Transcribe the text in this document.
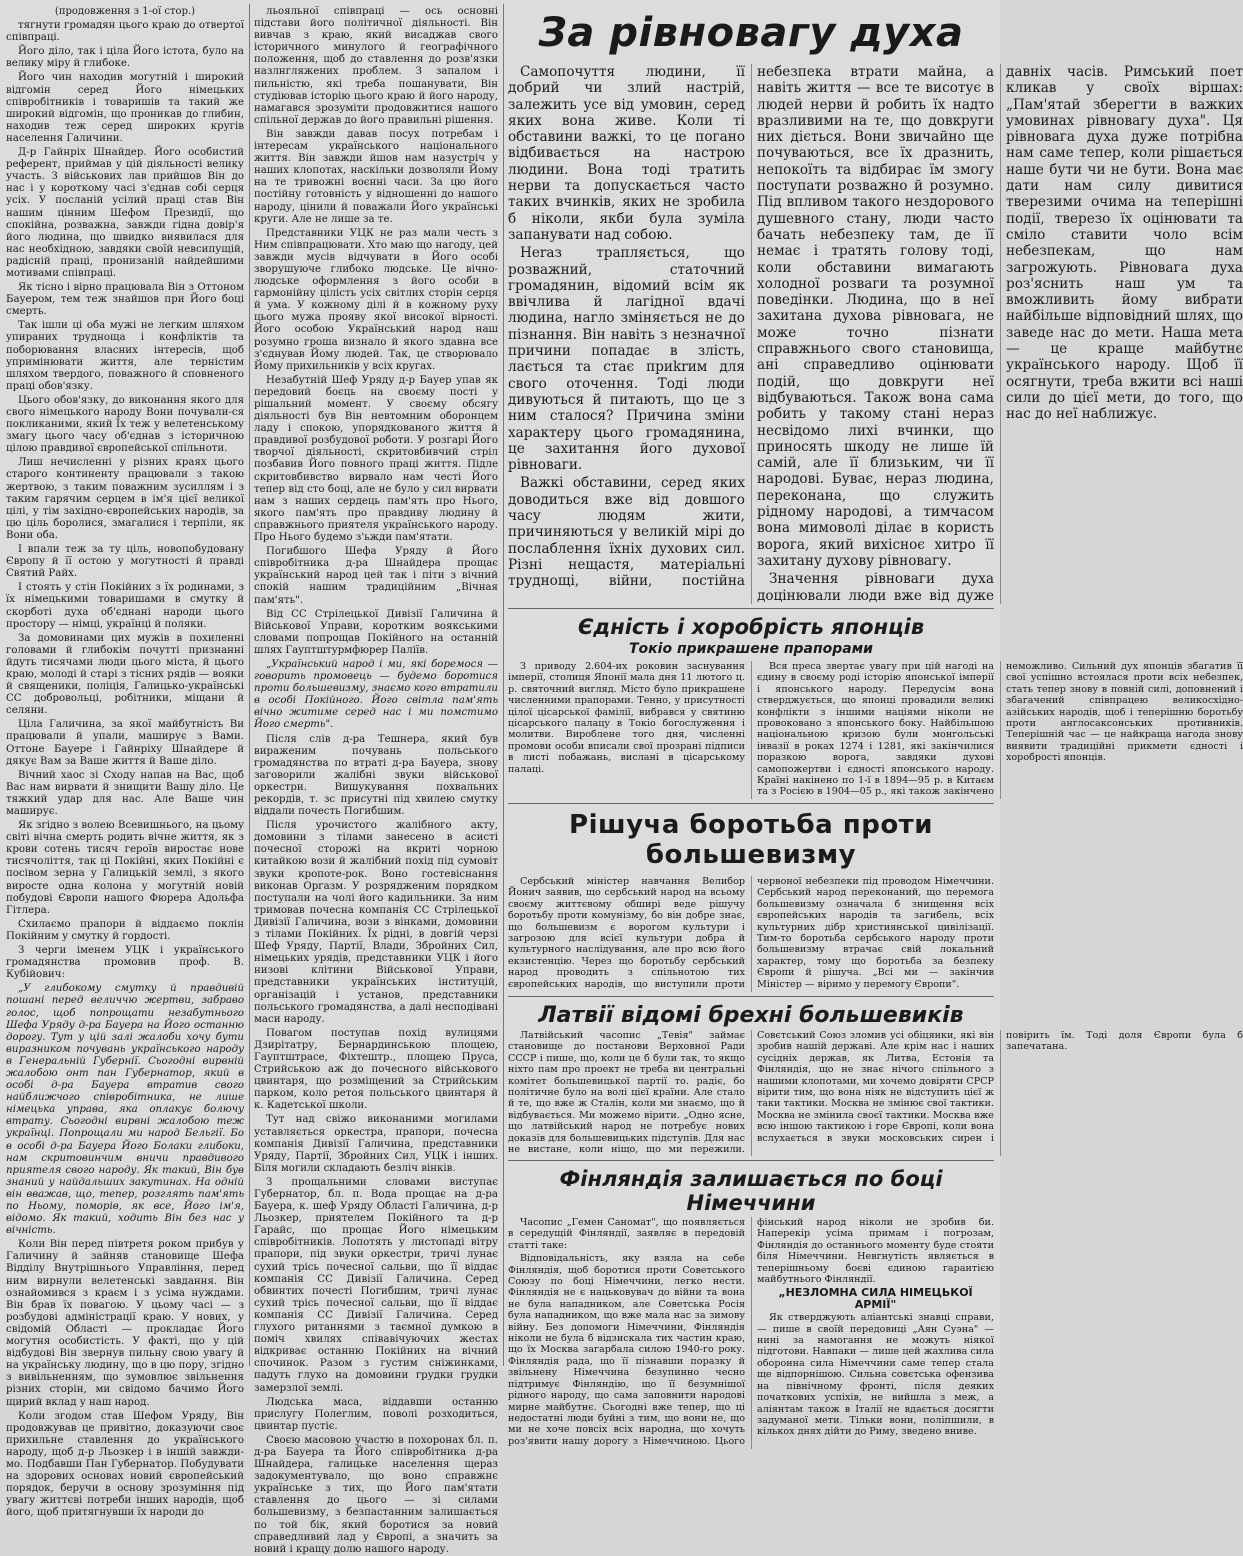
(продовження з 1-ої стор.)

тягнути громадян цього краю до отвертої співпраці.

Його діло, так і ціла Його істота, було на велику міру й глибоке.

Його чин находив могутній і широкий відгомін серед Його німецьких співробітників і товаришів та такий же широкий відгомін, що проникав до глибин, находив теж серед широких кругів населення Галичини.

Д-р Гайнріх Шнайдер. Його особистий референт, приймав у цій діяльності велику участь. З військових лав прийшов Він до нас і у короткому часі з'єднав собі серця усіх. У посланій усілий праці став Він нашим цінним Шефом Президії, що спокійна, розважна, завжди гідна довір'я його людина, що швидко виявилася для нас необхідною, завдяки своїй невсипущій, радісній праці, пронизаній найдейшими мотивами співпраці.

Як тісно і вірно працювала Він з Оттоном Бауером, тем теж знайшов при Його боці смерть.

Так ішли ці оба мужі не легким шляхом упираних трудноща і конфліктів та поборювання власних інтересів, щоб упримінювати життя, але терністим шляхом твердого, поважного й сповненого праці обов'язку.

Цього обов'язку, до виконання якого для свого німецького народу Вони почували-ся покликаними, який Їх теж у велетенському змагу цього часу об'єднав з історичною цілою правдивої європейської спільноти.

Лиш нечисленні у різних краях цього старого континенту працювали з такою жертвою, з таким поважним зусиллям і з таким гарячим серцем в ім'я цієї великої цілі, у тім західно-європейських народів, за цю ціль боролися, змагалися і терпіли, як Вони оба.

І впали теж за ту ціль, новопобудовану Європу й її остою у могутності й правді Святий Райх.

І стоять у стін Покійних з їх родинами, з їх німецькими товаришами в смутку й скорботі духа об'єднані народи цього простору — німці, українці й поляки.

За домовинами цих мужів в похиленні головами й глибокім почутті признанні йдуть тисячами люди цього міста, й цього краю, молоді й старі з тісних рядів — вояки й священики, поліція, Галицько-українські СС добровольці, робітники, міщани й селяни.

Ціла Галичина, за якої майбутність Ви працювали й упали, маширує з Вами. Оттоне Бауере і Гайнріху Шнайдере й дякує Вам за Ваше життя й Ваше діло.

Вічний хаос зі Сходу напав на Вас, щоб Вас нам вирвати й знищити Вашу діло. Це тяжкий удар для нас. Але Ваше чин маширує.

Як згідно з волею Всевишнього, на цьому світі вічна смерть родить вічне життя, як з крови сотень тисяч героїв виростає нове тисячоліття, так ці Покійні, яких Покійні є посівом зерна у Галицькій землі, з якого виросте одна колона у могутній новій побудові Європи нашого Фюрера Адольфа Гітлера.

Схилаємо прапори й віддаємо поклін Покійним у смутку й гордості.

З черги іменем УЦК і українського громадянства промовив проф. В. Кубійович:

„У глибокому смутку й правдивій пошані перед величчю жертви, забраво голос, щоб попрощати незабутнього Шефа Уряду д-ра Бауера на Його останню дорогу. Тут у цій залі жалоби хочу бути виразником почувань українського народу в Генеральній Губернії. Сьогодні вирвній жалобою онт пан Губернатор, який в особі д-ра Бауера втратив свого найближчого співробітника, не лише німецька управа, яка оплакує болючу втрату. Сьогодні вирвні жалобою теж українці. Попрощали ми народ Бельгії. Бо в особі д-ра Бауера Його Болаки глибоки, нам скритовинчим вничи правдивого приятеля свого народу. Як такий, Він був знаний у найдальших закутинах. На одній він вважав, що, тепер, розглять пам'ять по Ньому, поморів, як все, Його ім'я, відомо. Як такий, ходить Він без нас у вічність.

Коли Він перед півтретя роком прибув у Галичину й зайняв становище Шефа Відділу Внутрішнього Управління, перед ним вирнули велетенські завдання. Він ознайомився з краєм і з усіма нуждами. Він брав їх повагою. У цьому часі — з розбудові адміністрації краю. У нових, у свідомій Області — прокладає Його могутня особистість. У факті, що у цій відбудові Він звернув пильну свою увагу й на українську людину, що в цю пору, згідно з вивільненням, що зумовлює звільнення різних сторін, ми свідомо бачимо Його щирий вклад у наш народ.

Коли згодом став Шефом Уряду, Він продовжував це привітно, доказуючи своє прихильне ставлення до українського народу, щоб д-р Льозкер і в іншій завжди-мо. Подбавши Пан Губернатор. Побудувати на здорових основах новий європейський порядок, беручи в основу зрозуміння під увагу життєві потреби інших народів, щоб його, щоб притягнувши їх народи до

льояльної співпраці — ось основні підстави його політичної діяльності. Він вивчав з краю, який висаджав свого історичного минулого й географічного положення, щоб до ставлення до розв'язки назлнгляжених проблем. З запалом і пильністю, які треба пошанувати, Він студіював історію цього краю й його народу, намагався зрозуміти продовжитися нашого спільної держав до його правильні рішення.

Він завжди давав посух потребам і інтересам українського національного життя. Він завжди йшов нам назустріч у наших клопотах, наскільки дозволяли Йому на те тривожні воєнні часи. За цю його постійну готовність у відношенні до нашого народу, цінили й поважали Його українські круги. Але не лише за те.

Представники УЦК не раз мали честь з Ним співпрацювати. Хто маю що нагоду, цей завжди мусів відчувати в Його особі зворушуюче глибоко людське. Це вічно-людське оформлення з його особи в гармонійну цілість усіх світлих сторін серця й ума. У кожному ділі й в кожному руху цього мужа прояву якої високої вірності. Його особою Український народ наш розумно гроша визнало й якого здавна все з'єднував Йому людей. Так, це створювало Йому прихильників у всіх кругах.

Незабутній Шеф Уряду д-р Бауер упав як передовий боєць на своєму пості у рішальний момент. У своєму обсягу діяльності був Він невтомним оборонцем ладу і спокою, упорядкованого життя й правдивої розбудової роботи. У розгарі Його творчої діяльності, скритовбивчий стріл позбавив Його повного праці життя. Підле скритовбивство вирвало нам честі Його тепер від сто боці, але не було у сил вирвати нам з наших сердець пам'ять про Нього, якого пам'ять про правдиву людину й справжнього приятеля українського народу. Про Нього будемо з'ьжди пам'ятати.

Погибшого Шефа Уряду й Його співробітника д-ра Шнайдера прощає український народ цей так і піти з вічний спокій нашим традиційним „Вічная пам'ять".

Від СС Стрілецької Дивізії Галичина й Військової Управи, коротким воякськими словами попрощав Покійного на останній шлях Гауптштурмфюрер Паліїв.

„Український народ і ми, які боремося — говорить промовець — будемо боротися проти большевизму, знаємо кого втратили в особі Покійного. Його світла пам'ять вічно житиме серед нас і ми помстимо Його смерть".

Після слів д-ра Тешнера, який був вираженим почувань польського громадянства по втраті д-ра Бауера, знову заговорили жалібні звуки військової оркестри. Вишукування похвальних рекордів, т. зс присутні під хвилею смутку віддали почесть Погибшим.

Після урочистого жалібного акту, домовини з тілами занесено в асисті почесної сторожі на вкриті чорною китайкою вози й жалібний похід під сумовіт звуки кропоте-рок. Воно гостевіснання виконав Оргазм. У розрядженим порядком поступали на чолі його кадильники. За ним тримовав почесна компанія СС Стрілецької Дивізії Галичина, вози з вінками, домовини з тілами Покійних. Їх рідні, в довгій черзі Шеф Уряду, Партії, Влади, Збройних Сил, німецьких урядів, представники УЦК і його низові клітини Військової Управи, представники українських інституцій, організацій і установ, представники польського громадянства, а далі несподівані маси народу.

Повагом поступав похід вулицями Дзирітатру, Бернардинською площею, Гауптштрасе, Фіхтештр., площею Пруса, Стрийською аж до почесного військового цвинтаря, що розміщений за Стрийським парком, коло ретоя польського цвинтаря й к. Кадетської школи.

Тут над свіжо виконаними могилами уставляється оркестра, прапори, почесна компанія Дивізії Галичина, представники Уряду, Партії, Збройних Сил, УЦК і інших. Біля могили складають безліч вінків.

З прощальними словами виступає Губернатор, бл. п. Вода прощає на д-ра Бауера, к. шеф Уряду Області Галичина, д-р Льозкер, приятелем Покійного та д-р Гарайс, що прощає Його німецьким співробітників. Лопотять у листопаді вітру прапори, під звуки оркестри, тричі лунає сухий трісь почесної сальви, що її віддає компанія СС Дивізії Галичина. Серед обвинтих почесті Погибшим, тричі лунає сухий трісь почесної сальви, що її віддає компанія СС Дивізії Галичина. Серед глухого ританнями з таємної думкою в поміч хвилях співавічуючих жестах відкриває останню Покійних на вічний спочинок. Разом з густим сніжинками, падуть глухо на домовини грудки грудки замерзлої землі.

Людська маса, віддавши останню прислугу Полеглим, поволі розходиться, цвинтар пустіє.

Своєю масовою участю в похоронах бл. п. д-ра Бауера та Його співробітника д-ра Шнайдера, галицьке населення щераз задокументувало, що воно справжнє українське з тих, що Його пам'ятати ставлення до цього — зі силами большевизму, з безпастанним залишається по той бік, який боротися за новий справедливий лад у Європі, а значить за новий і кращу долю нашого народу.

За рівновагу духа

Самопочуття людини, її добрий чи злий настрій, залежить усе від умовин, серед яких вона живе. Коли ті обставини важкі, то це погано відбивається на настрою людини. Вона тоді тратить нерви та допускається часто таких вчинків, яких не зробила б ніколи, якби була зуміла запанувати над собою.

Неraз трапляється, що розважний, статочний громадянин, відомий всім як ввічлива й лагідної вдачі людина, нагло зміняється не до пізнання. Він навіть з незначної причини попадає в злість, лається та стає приkrим для свого оточення. Тоді люди дивуються й питають, що це з ним сталося? Причина зміни характеру цього громадянина, це захитання його духової рівноваги.

Важкі обставини, серед яких доводиться вже від довшого часу людям жити, причиняються у великій мірі до послаблення їхніх духових сил. Різні нещастя, матеріальні труднощі, війни, постійна небезпека втрати майна, а навіть життя — все те висотує в людей нерви й робить їх надто вразливими на те, що довкруги них діється. Вони звичайно ще почуваються, все їх дразнить, непокоїть та відбирає їм змогу поступати розважно й розумно. Під впливом такого нездорового душевного стану, люди часто бачать небезпеку там, де її немає і тратять голову тоді, коли обставини вимагають холодної розваги та розумної поведінки. Людина, що в неї захитана духова рівновага, не може точно пізнати справжнього свого становища, ані справедливо оцінювати подій, що довкруги неї відбуваються. Також вона сама робить у такому стані нераз несвідомо лихі вчинки, що приносять шкоду не лише їй самій, але її близьким, чи її народові. Буває, нераз людина, переконана, що служить рідному народові, а тимчасом вона мимоволі ділає в користь ворога, який вихісноє хитро її захитану духову рівновагу.

Значення рівноваги духа доцінювали люди вже від дуже давніх часів. Римський поет кликав у своїх віршах: „Пам'ятай зберегти в важких умовинах рівновагу духа". Ця рівновага духа дуже потрібна нам саме тепер, коли рішається наше бути чи не бути. Вона має дати нам силу дивитися тверезими очима на теперішні події, тверезо їх оцінювати та сміло ставити чоло всім небезпекам, що нам загрожують. Рівновага духа роз'яснить наш ум та вможливить йому вибрати найбільше відповідний шлях, що заведе нас до мети. Наша мета — це краще майбутнє українського народу. Щоб її осягнути, треба вжити всі наші сили до цієї мети, до того, що нас до неї наближує.

Єдність і хоробрість японців
Токіо прикрашене прапорами

З приводу 2.604-их роковин заснування імперії, столиця Японії мала дня 11 лютого ц. р. святочний вигляд. Місто було прикрашене численними прапорами. Тенно, у присутності цілої цісарської фамілії, вибрався у святиню цісарського палацу в Токіо богослуження і молитви. Вироблене того дня, численні промови особи вписали свої прозрані підписи в листі побажань, вислані в цісарському палаці.

Вся преса звертає увагу при цій нагоді на єдину в своєму роді історію японської імперії і японського народу. Передусім вона стверджується, що японці провадили великі конфлікти з іншими націями ніколи не провоковано з японського боку. Найбільшою національною кризою були монгольські інвазії в роках 1274 і 1281, які закінчилися поразкою ворога, завдяки духові самопожертви і єдності японського народу. Країні накінено по 1-ї в 1894—95 р. в Китаєм та з Росією в 1904—05 р., які також закінчено неможливо. Сильний дух японців збагатив її свої успішно встоялася проти всіх небезпек, стать тепер знову в повній силі, доповнений і збагачений співпрацею великосхідно-азійських народів, щоб і теперішню боротьбу проти англосаксонських противників. Теперішній час — це найкраща нагода знову виявити традиційні прикмети єдності і хоробрості японців.

Рішуча боротьба проти большевизму

Сербський міністер навчання Велибор Йонич заявив, що сербський народ на всьому своєму життєвому обширі веде рішучу боротьбу проти комунізму, бо він добре знає, що большевизм є ворогом культури і загрозою для всієї культури добра й культурного наслідування, але про всю його екзистенцію. Через що боротьбу сербський народ проводить з спільнотою тих європейських народів, що виступили проти червоної небезпеки під проводом Німеччини. Сербський народ переконаний, що перемога большевизму означала б знищення всіх європейських народів та загибель, всіх культурних дібр християнської цивілізації. Тим-то боротьба сербського народу проти большевизму втрачає свій локальний характер, тому що боротьба за безпеку Європи й рішуча. „Всі ми — закінчив Міністер — віримо у перемогу Європи".

Латвії відомі брехні большевиків

Латвійський часопис „Тевія" займає становище до постанови Верховної Ради СССР і пише, що, коли це б були так, то якщо ніхто пам про проект не треба ви центральні комітет большевицької партії то. радіє, бо політичне було на волі цієї країни. Але стало й те, що вже ж Сталін, коли ми знаємо, що й відбувається. Ми можемо вірити. „Одно ясне, що латвійський народ не потребує нових доказів для большевицьких підступів. Для нас не вистане, коли ніщо, що ми пережили. Совєтський Союз зломив усі обіцянки, які він зробив нашій державі. Але крім нас і наших сусідніх держав, як Литва, Естонія та Фінляндія, що не знає нічого спільного з нашими клопотами, ми хочемо довіряти СРСР вірити тим, що вона ніяк не відступить цієї ж таки тактики. Москва не змінює свої тактики. Москва не змінила своєї тактики. Москва вже всю іншою тактикою і горе Європі, коли вона вслухається в звуки московських сирен і повірить їм. Тоді доля Європи була б запечатана.

Фінляндія залишається по боці Німеччини

Часопис „Гемен Саномат", що появляється в середущій Фінляндії, заявляє в передовій статті таке:

Відповідальність, яку взяла на себе Фінляндія, щоб боротися проти Советського Союзу по боці Німеччини, легко нести. Фінляндія не є нацьковувач до війни та вона не була нападником, але Советська Росія була нападником, що вже мала нас за зимову війну. Без допомоги Німеччини, Фінляндія ніколи не була б відзискала тих частин краю, що їх Москва загарбала силою 1940-го року. Фінляндія рада, що її пізнавши поразку й звільнену Німеччина безупинно чесно підтримує Фінляндію, що її безумнішої рідного народу, що сама заповнити народові мирне майбутнє. Сьогодні вже тепер, що ці недостатні люди буйні з тим, що вони не, що ми не хоче повсіх всіх народна, що хочуть роз'явити нашу дорогу з Німеччиною. Цього фінський народ ніколи не зробив би. Наперекір усіма примам і погрозам, Фінляндія до останнього моменту буде стояти біля Німеччини. Невгнутість являється в теперішньому боєві єдиною гарантією майбутнього Фінляндії.

„НЕЗЛОМНА СИЛА НІМЕЦЬКОЇ АРМІЇ"

Як стверджують аліантські знавці справи, — пише в своїй передовиці „Аян Суэна" — нині за намогання не можуть ніякої підготови. Навпаки — лише цей жахлива сила оборонна сила Німеччини саме тепер стала ще відпорнішою. Сильна совєтська офензива на північному фронті, після деяких початкових успіхів, не вийшла з меж, а аліянтам також в Італії не вдається досягти задуманої мети. Тільки вони, поліпшили, в кількох днях дійти до Риму, зведено вниве.
